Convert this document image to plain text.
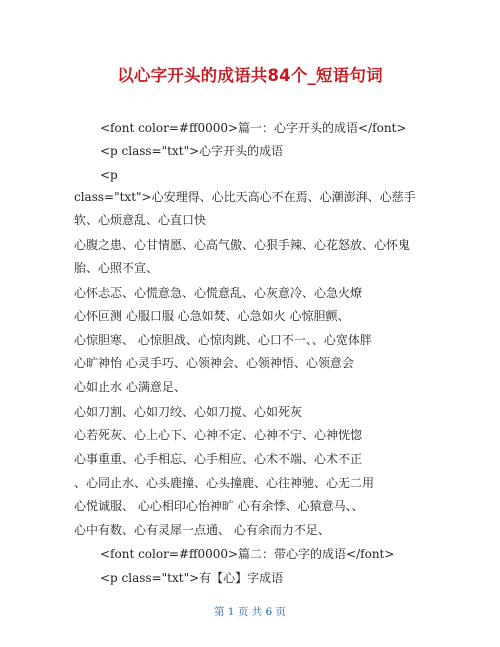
以心字开头的成语共84个_短语句词
<font color=#ff0000>篇一：心字开头的成语</font>
<p class="txt">心字开头的成语
<p
class="txt">心安理得、心比天高心不在焉、心潮澎湃、心慈手
软、心烦意乱、心直口快
心腹之患、心甘情愿、心高气傲、心狠手辣、心花怒放、心怀鬼
胎、心照不宣、
心怀忐忑、心慌意急、心慌意乱、心灰意冷、心急火燎
心怀叵测 心服口服 心急如焚、心急如火 心惊胆颤、
心惊胆寒、 心惊胆战、心惊肉跳、心口不一、、心宽体胖
心旷神怡 心灵手巧、心领神会、心领神悟、心领意会
心如止水 心满意足、
心如刀割、心如刀绞、心如刀搅、心如死灰
心若死灰、心上心下、心神不定、心神不宁、心神恍惚
心事重重、心手相忘、心手相应、心术不端、心术不正
、心同止水、心头鹿撞、心头撞鹿、心往神驰、心无二用
心悦诚服、 心心相印心怡神旷 心有余悸、心猿意马、、
心中有数、心有灵犀一点通、 心有余而力不足、
<font color=#ff0000>篇二：带心字的成语</font>
<p class="txt">有【心】字成语
第 1 页 共 6 页
